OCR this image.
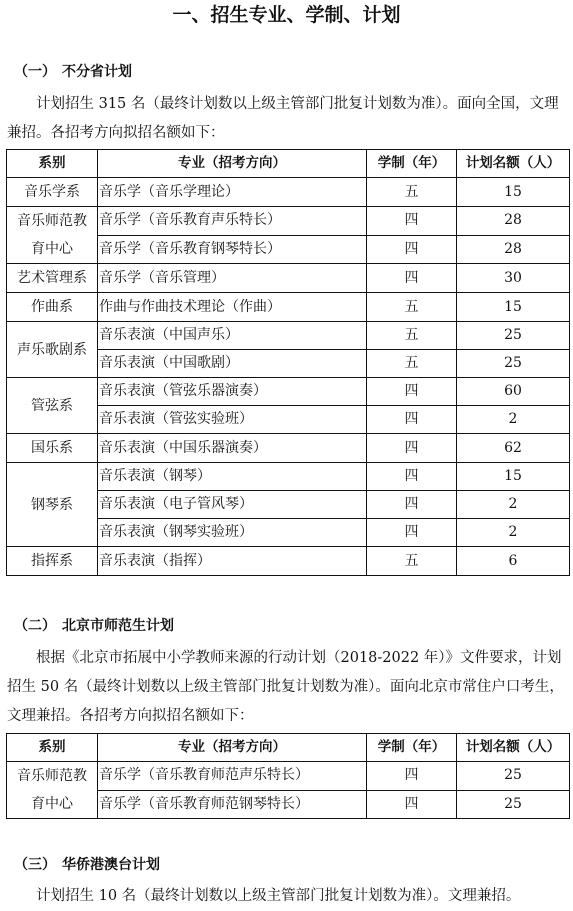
一、招生专业、学制、计划
（一） 不分省计划
计划招生 315 名（最终计划数以上级主管部门批复计划数为准）。面向全国，文理兼招。各招考方向拟招名额如下：
系别	专业（招考方向）	学制（年）	计划名额（人）
音乐学系	音乐学（音乐学理论）	五	15
音乐师范教育中心	音乐学（音乐教育声乐特长）	四	28
	音乐学（音乐教育钢琴特长）	四	28
艺术管理系	音乐学（音乐管理）	四	30
作曲系	作曲与作曲技术理论（作曲）	五	15
声乐歌剧系	音乐表演（中国声乐）	五	25
	音乐表演（中国歌剧）	五	25
管弦系	音乐表演（管弦乐器演奏）	四	60
	音乐表演（管弦实验班）	四	2
国乐系	音乐表演（中国乐器演奏）	四	62
钢琴系	音乐表演（钢琴）	四	15
	音乐表演（电子管风琴）	四	2
	音乐表演（钢琴实验班）	四	2
指挥系	音乐表演（指挥）	五	6
（二） 北京市师范生计划
根据《北京市拓展中小学教师来源的行动计划（2018-2022 年）》文件要求，计划招生 50 名（最终计划数以上级主管部门批复计划数为准）。面向北京市常住户口考生，文理兼招。各招考方向拟招名额如下：
系别	专业（招考方向）	学制（年）	计划名额（人）
音乐师范教育中心	音乐学（音乐教育师范声乐特长）	四	25
	音乐学（音乐教育师范钢琴特长）	四	25
（三） 华侨港澳台计划
计划招生 10 名（最终计划数以上级主管部门批复计划数为准）。文理兼招。
